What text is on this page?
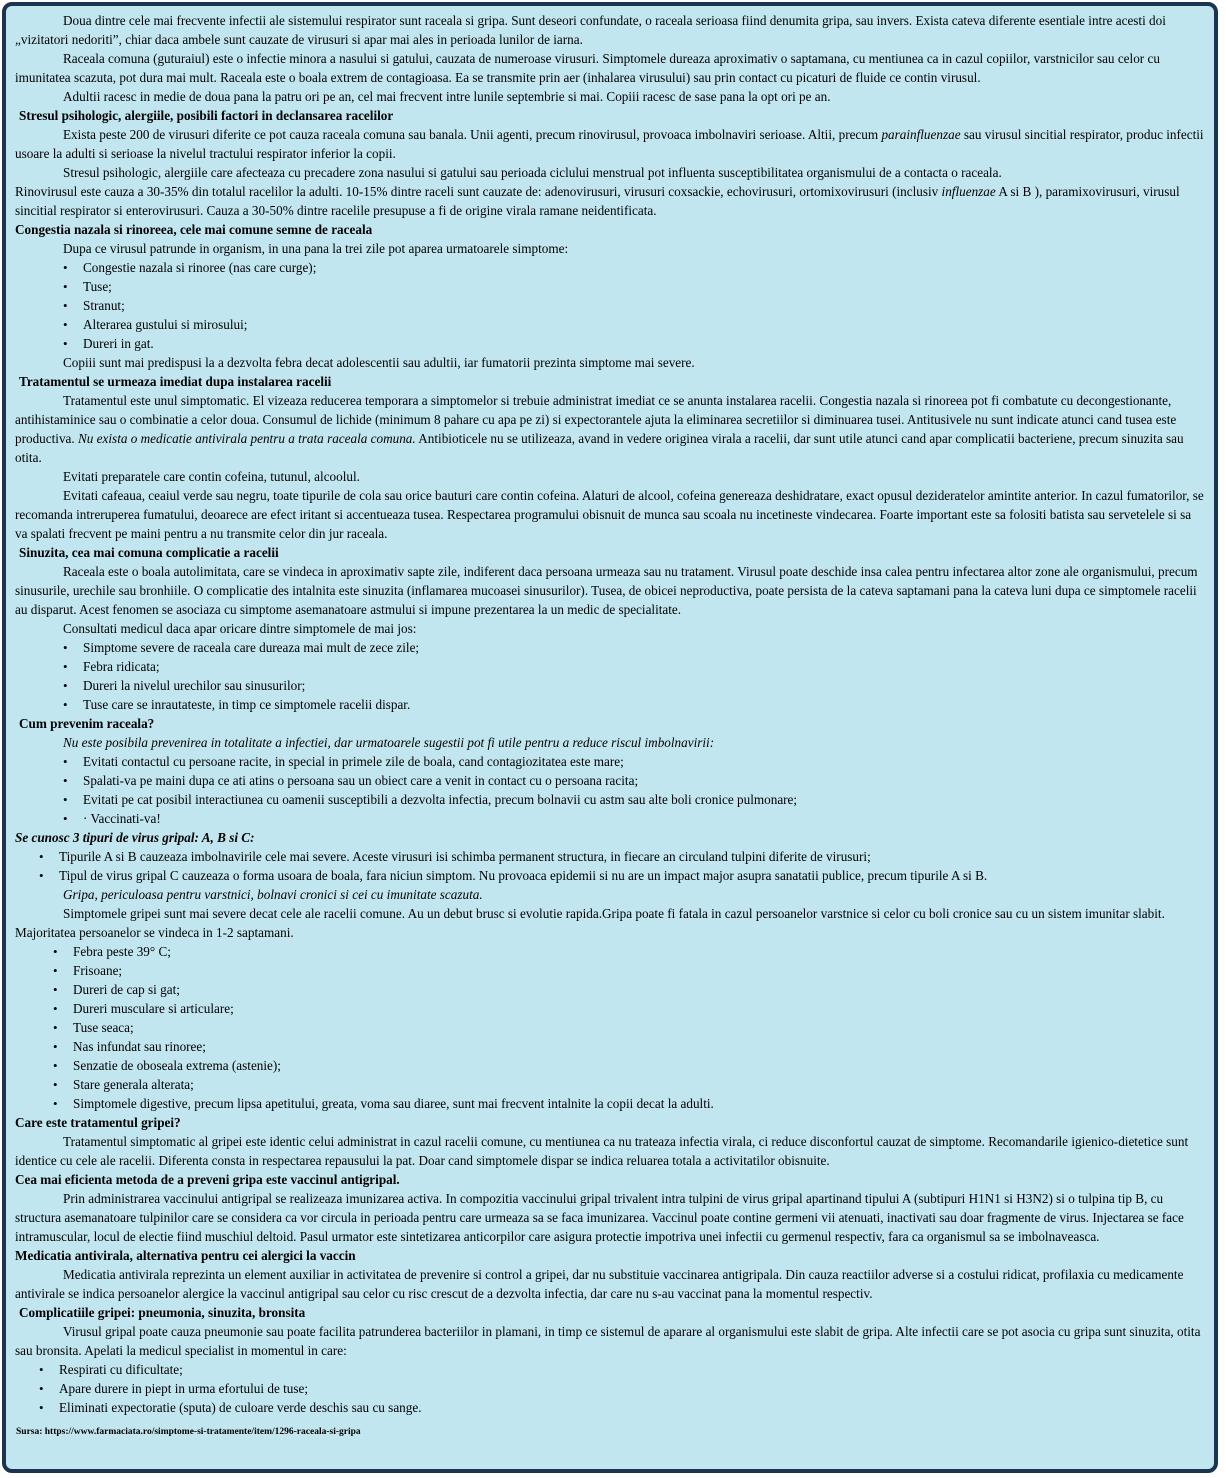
Doua dintre cele mai frecvente infectii ale sistemului respirator sunt raceala si gripa. Sunt deseori confundate, o raceala serioasa fiind denumita gripa, sau invers. Exista cateva diferente esentiale intre acesti doi „vizitatori nedoriti”, chiar daca ambele sunt cauzate de virusuri si apar mai ales in perioada lunilor de iarna.

Raceala comuna (guturaiul) este o infectie minora a nasului si gatului, cauzata de numeroase virusuri. Simptomele dureaza aproximativ o saptamana, cu mentiunea ca in cazul copiilor, varstnicilor sau celor cu imunitatea scazuta, pot dura mai mult. Raceala este o boala extrem de contagioasa. Ea se transmite prin aer (inhalarea virusului) sau prin contact cu picaturi de fluide ce contin virusul.

Adultii racesc in medie de doua pana la patru ori pe an, cel mai frecvent intre lunile septembrie si mai. Copiii racesc de sase pana la opt ori pe an.

Stresul psihologic, alergiile, posibili factori in declansarea racelilor

Exista peste 200 de virusuri diferite ce pot cauza raceala comuna sau banala. Unii agenti, precum rinovirusul, provoaca imbolnaviri serioase. Altii, precum parainfluenzae sau virusul sincitial respirator, produc infectii usoare la adulti si serioase la nivelul tractului respirator inferior la copii.

Stresul psihologic, alergiile care afecteaza cu precadere zona nasului si gatului sau perioada ciclului menstrual pot influenta susceptibilitatea organismului de a contacta o raceala.

Rinovirusul este cauza a 30-35% din totalul racelilor la adulti. 10-15% dintre raceli sunt cauzate de: adenovirusuri, virusuri coxsackie, echovirusuri, ortomixovirusuri (inclusiv influenzae A si B ), paramixovirusuri, virusul sincitial respirator si enterovirusuri. Cauza a 30-50% dintre racelile presupuse a fi de origine virala ramane neidentificata.

Congestia nazala si rinoreea, cele mai comune semne de raceala

Dupa ce virusul patrunde in organism, in una pana la trei zile pot aparea urmatoarele simptome:

• Congestie nazala si rinoree (nas care curge);
• Tuse;
• Stranut;
• Alterarea gustului si mirosului;
• Dureri in gat.

Copiii sunt mai predispusi la a dezvolta febra decat adolescentii sau adultii, iar fumatorii prezinta simptome mai severe.

Tratamentul se urmeaza imediat dupa instalarea racelii

Tratamentul este unul simptomatic. El vizeaza reducerea temporara a simptomelor si trebuie administrat imediat ce se anunta instalarea racelii. Congestia nazala si rinoreea pot fi combatute cu decongestionante, antihistaminice sau o combinatie a celor doua. Consumul de lichide (minimum 8 pahare cu apa pe zi) si expectorantele ajuta la eliminarea secretiilor si diminuarea tusei. Antitusivele nu sunt indicate atunci cand tusea este productiva. Nu exista o medicatie antivirala pentru a trata raceala comuna. Antibioticele nu se utilizeaza, avand in vedere originea virala a racelii, dar sunt utile atunci cand apar complicatii bacteriene, precum sinuzita sau otita.

Evitati preparatele care contin cofeina, tutunul, alcoolul.

Evitati cafeaua, ceaiul verde sau negru, toate tipurile de cola sau orice bauturi care contin cofeina. Alaturi de alcool, cofeina genereaza deshidratare, exact opusul dezideratelor amintite anterior. In cazul fumatorilor, se recomanda intreruperea fumatului, deoarece are efect iritant si accentueaza tusea. Respectarea programului obisnuit de munca sau scoala nu incetineste vindecarea. Foarte important este sa folositi batista sau servetelele si sa va spalati frecvent pe maini pentru a nu transmite celor din jur raceala.

Sinuzita, cea mai comuna complicatie a racelii

Raceala este o boala autolimitata, care se vindeca in aproximativ sapte zile, indiferent daca persoana urmeaza sau nu tratament. Virusul poate deschide insa calea pentru infectarea altor zone ale organismului, precum sinusurile, urechile sau bronhiile. O complicatie des intalnita este sinuzita (inflamarea mucoasei sinusurilor). Tusea, de obicei neproductiva, poate persista de la cateva saptamani pana la cateva luni dupa ce simptomele racelii au disparut. Acest fenomen se asociaza cu simptome asemanatoare astmului si impune prezentarea la un medic de specialitate.

Consultati medicul daca apar oricare dintre simptomele de mai jos:

• Simptome severe de raceala care dureaza mai mult de zece zile;
• Febra ridicata;
• Dureri la nivelul urechilor sau sinusurilor;
• Tuse care se inrautateste, in timp ce simptomele racelii dispar.

Cum prevenim raceala?

Nu este posibila prevenirea in totalitate a infectiei, dar urmatoarele sugestii pot fi utile pentru a reduce riscul imbolnavirii:

• Evitati contactul cu persoane racite, in special in primele zile de boala, cand contagiozitatea este mare;
• Spalati-va pe maini dupa ce ati atins o persoana sau un obiect care a venit in contact cu o persoana racita;
• Evitati pe cat posibil interactiunea cu oamenii susceptibili a dezvolta infectia, precum bolnavii cu astm sau alte boli cronice pulmonare;
• · Vaccinati-va!

Se cunosc 3 tipuri de virus gripal: A, B si C:

• Tipurile A si B cauzeaza imbolnavirile cele mai severe. Aceste virusuri isi schimba permanent structura, in fiecare an circuland tulpini diferite de virusuri;
• Tipul de virus gripal C cauzeaza o forma usoara de boala, fara niciun simptom. Nu provoaca epidemii si nu are un impact major asupra sanatatii publice, precum tipurile A si B.

Gripa, periculoasa pentru varstnici, bolnavi cronici si cei cu imunitate scazuta.

Simptomele gripei sunt mai severe decat cele ale racelii comune. Au un debut brusc si evolutie rapida.Gripa poate fi fatala in cazul persoanelor varstnice si celor cu boli cronice sau cu un sistem imunitar slabit. Majoritatea persoanelor se vindeca in 1-2 saptamani.

• Febra peste 39° C;
• Frisoane;
• Dureri de cap si gat;
• Dureri musculare si articulare;
• Tuse seaca;
• Nas infundat sau rinoree;
• Senzatie de oboseala extrema (astenie);
• Stare generala alterata;
• Simptomele digestive, precum lipsa apetitului, greata, voma sau diaree, sunt mai frecvent intalnite la copii decat la adulti.

Care este tratamentul gripei?

Tratamentul simptomatic al gripei este identic celui administrat in cazul racelii comune, cu mentiunea ca nu trateaza infectia virala, ci reduce disconfortul cauzat de simptome. Recomandarile igienico-dietetice sunt identice cu cele ale racelii. Diferenta consta in respectarea repausului la pat. Doar cand simptomele dispar se indica reluarea totala a activitatilor obisnuite.

Cea mai eficienta metoda de a preveni gripa este vaccinul antigripal.

Prin administrarea vaccinului antigripal se realizeaza imunizarea activa. In compozitia vaccinului gripal trivalent intra tulpini de virus gripal apartinand tipului A (subtipuri H1N1 si H3N2) si o tulpina tip B, cu structura asemanatoare tulpinilor care se considera ca vor circula in perioada pentru care urmeaza sa se faca imunizarea. Vaccinul poate contine germeni vii atenuati, inactivati sau doar fragmente de virus. Injectarea se face intramuscular, locul de electie fiind muschiul deltoid. Pasul urmator este sintetizarea anticorpilor care asigura protectie impotriva unei infectii cu germenul respectiv, fara ca organismul sa se imbolnaveasca.

Medicatia antivirala, alternativa pentru cei alergici la vaccin

Medicatia antivirala reprezinta un element auxiliar in activitatea de prevenire si control a gripei, dar nu substituie vaccinarea antigripala. Din cauza reactiilor adverse si a costului ridicat, profilaxia cu medicamente antivirale se indica persoanelor alergice la vaccinul antigripal sau celor cu risc crescut de a dezvolta infectia, dar care nu s-au vaccinat pana la momentul respectiv.

Complicatiile gripei: pneumonia, sinuzita, bronsita

Virusul gripal poate cauza pneumonie sau poate facilita patrunderea bacteriilor in plamani, in timp ce sistemul de aparare al organismului este slabit de gripa. Alte infectii care se pot asocia cu gripa sunt sinuzita, otita sau bronsita. Apelati la medicul specialist in momentul in care:

• Respirati cu dificultate;
• Apare durere in piept in urma efortului de tuse;
• Eliminati expectoratie (sputa) de culoare verde deschis sau cu sange.

Sursa: https://www.farmaciata.ro/simptome-si-tratamente/item/1296-raceala-si-gripa
